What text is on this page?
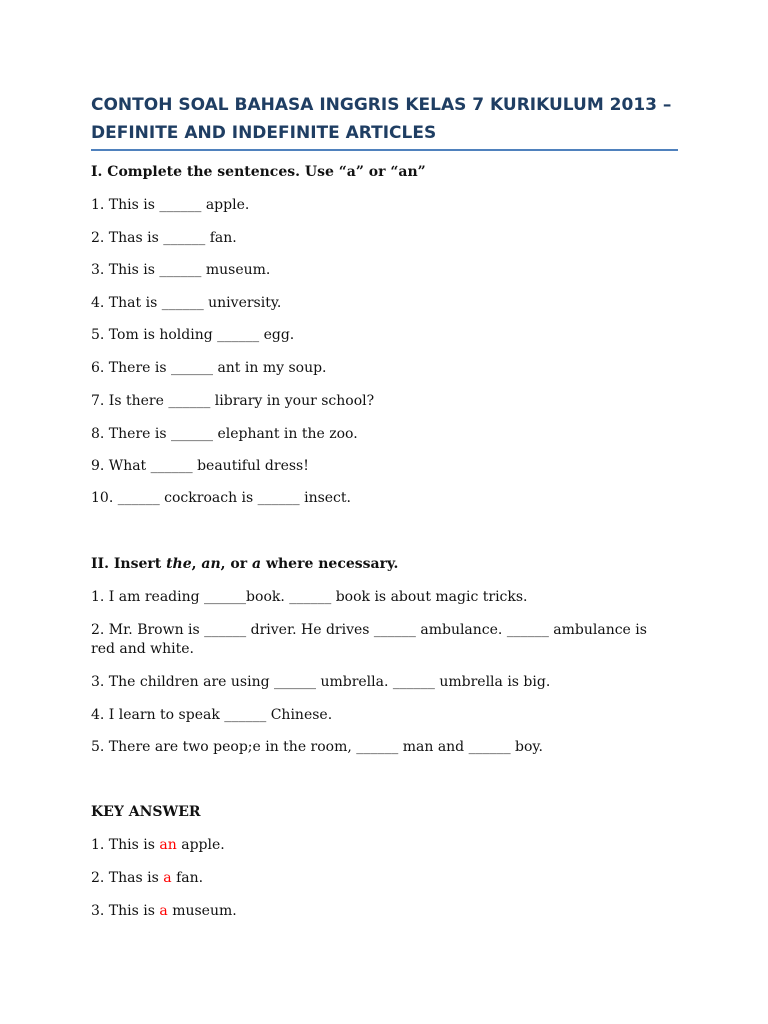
CONTOH SOAL BAHASA INGGRIS KELAS 7 KURIKULUM 2013 –
DEFINITE AND INDEFINITE ARTICLES

I. Complete the sentences. Use “a” or “an”

1. This is ______ apple.

2. Thas is ______ fan.

3. This is ______ museum.

4. That is ______ university.

5. Tom is holding ______ egg.

6. There is ______ ant in my soup.

7. Is there ______ library in your school?

8. There is ______ elephant in the zoo.

9. What ______ beautiful dress!

10. ______ cockroach is ______ insect.

II. Insert the, an, or a where necessary.

1. I am reading ______book. ______ book is about magic tricks.

2. Mr. Brown is ______ driver. He drives ______ ambulance. ______ ambulance is red and white.

3. The children are using ______ umbrella. ______ umbrella is big.

4. I learn to speak ______ Chinese.

5. There are two peop;e in the room, ______ man and ______ boy.

KEY ANSWER

1. This is an apple.

2. Thas is a fan.

3. This is a museum.
